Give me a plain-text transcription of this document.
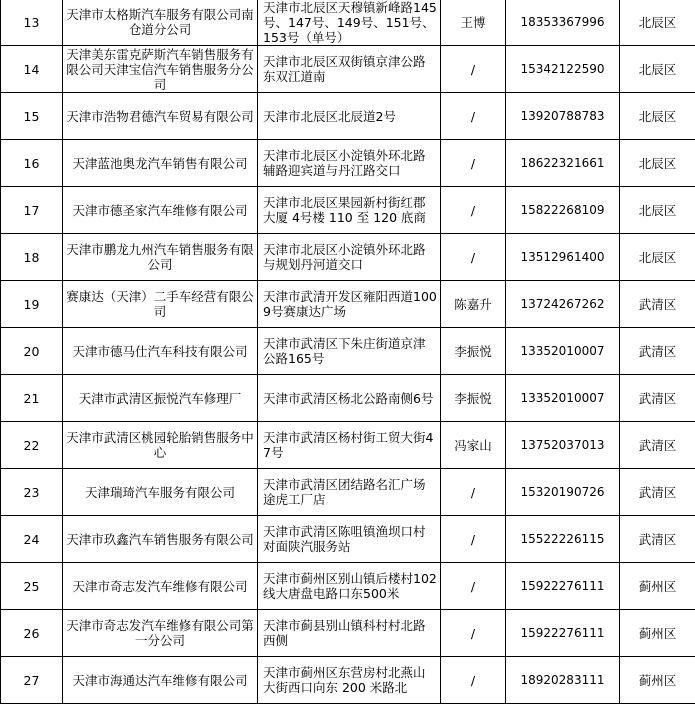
13	天津市太格斯汽车服务有限公司南仓道分公司	天津市北辰区天穆镇新峰路145号、147号、149号、151号、153号（单号）	王博	18353367996	北辰区
14	天津美东雷克萨斯汽车销售服务有限公司天津宝信汽车销售服务分公司	天津市北辰区双街镇京津公路东双江道南	/	15342122590	北辰区
15	天津市浩物君德汽车贸易有限公司	天津市北辰区北辰道2号	/	13920788783	北辰区
16	天津蓝池奥龙汽车销售有限公司	天津市北辰区小淀镇外环北路辅路迎宾道与丹江路交口	/	18622321661	北辰区
17	天津市德圣家汽车维修有限公司	天津市北辰区果园新村街红郡大厦 4号楼 110 至 120 底商	/	15822268109	北辰区
18	天津市鹏龙九州汽车销售服务有限公司	天津市北辰区小淀镇外环北路与规划丹河道交口	/	13512961400	北辰区
19	赛康达（天津）二手车经营有限公司	天津市武清开发区雍阳西道1009号赛康达广场	陈嘉升	13724267262	武清区
20	天津市德马仕汽车科技有限公司	天津市武清区下朱庄街道京津公路165号	李振悦	13352010007	武清区
21	天津市武清区振悦汽车修理厂	天津市武清区杨北公路南侧6号	李振悦	13352010007	武清区
22	天津市武清区桃园轮胎销售服务中心	天津市武清区杨村街工贸大街47号	冯家山	13752037013	武清区
23	天津瑞琦汽车服务有限公司	天津市武清区团结路名汇广场途虎工厂店	/	15320190726	武清区
24	天津市玖鑫汽车销售服务有限公司	天津市武清区陈咀镇渔坝口村对面陕汽服务站	/	15522226115	武清区
25	天津市奇志发汽车维修有限公司	天津市蓟州区别山镇后楼村102线大唐盘电路口东500米	/	15922276111	蓟州区
26	天津市奇志发汽车维修有限公司第一分公司	天津市蓟县别山镇科村村北路西侧	/	15922276111	蓟州区
27	天津市海通达汽车维修有限公司	天津市蓟州区东营房村北燕山大街西口向东 200 米路北	/	18920283111	蓟州区
